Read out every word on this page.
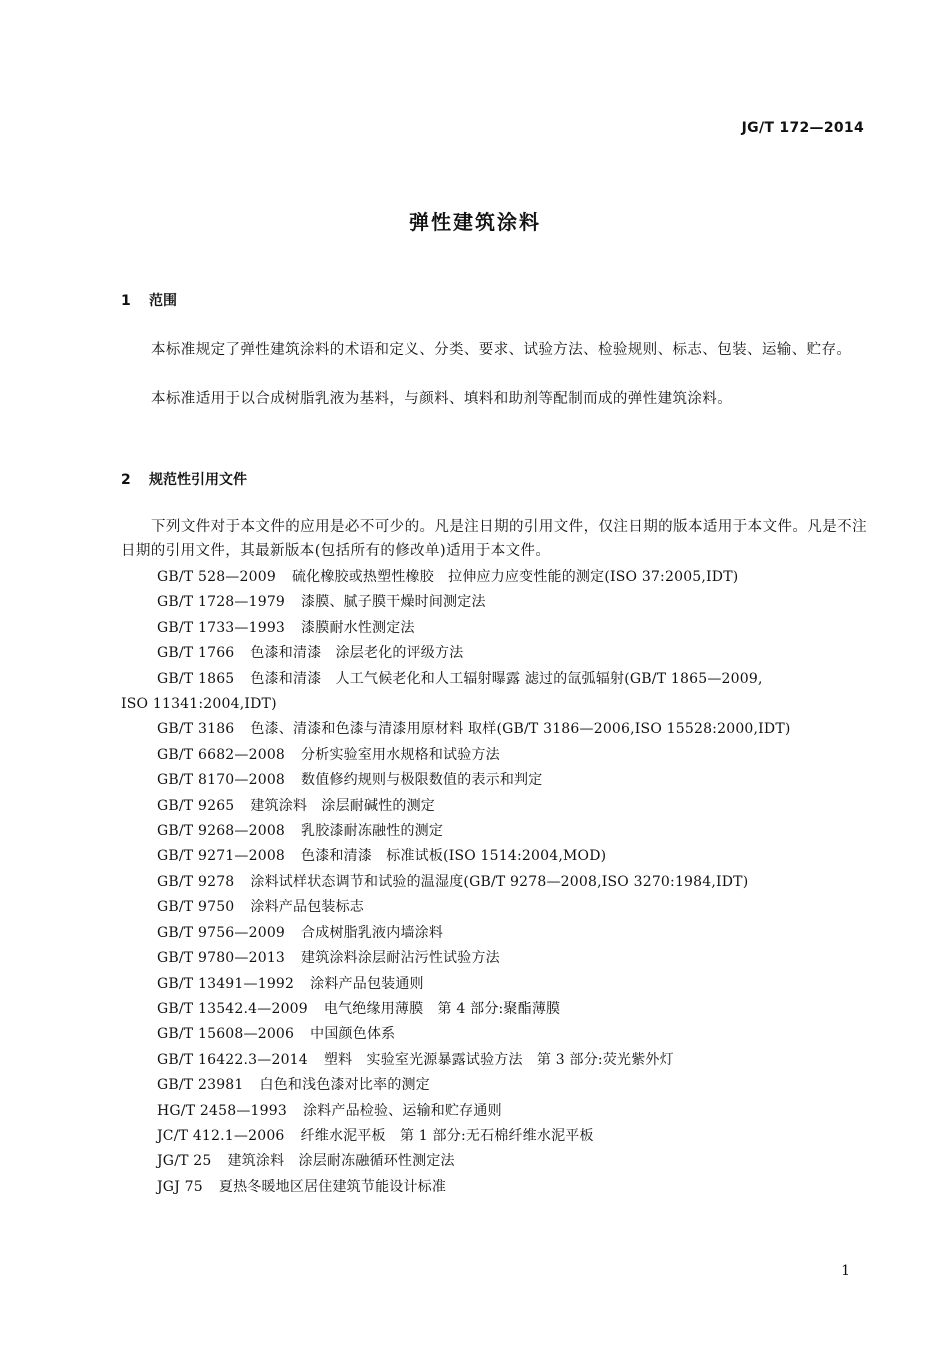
JG/T 172—2014
弹性建筑涂料
1 范围
本标准规定了弹性建筑涂料的术语和定义、分类、要求、试验方法、检验规则、标志、包装、运输、贮存。
本标准适用于以合成树脂乳液为基料，与颜料、填料和助剂等配制而成的弹性建筑涂料。
2 规范性引用文件
下列文件对于本文件的应用是必不可少的。凡是注日期的引用文件，仅注日期的版本适用于本文件。凡是不注日期的引用文件，其最新版本(包括所有的修改单)适用于本文件。
GB/T 528—2009 硫化橡胶或热塑性橡胶　拉伸应力应变性能的测定(ISO 37:2005,IDT)
GB/T 1728—1979 漆膜、腻子膜干燥时间测定法
GB/T 1733—1993 漆膜耐水性测定法
GB/T 1766 色漆和清漆　涂层老化的评级方法
GB/T 1865 色漆和清漆　人工气候老化和人工辐射曝露 滤过的氙弧辐射(GB/T 1865—2009,
ISO 11341:2004,IDT)
GB/T 3186 色漆、清漆和色漆与清漆用原材料 取样(GB/T 3186—2006,ISO 15528:2000,IDT)
GB/T 6682—2008 分析实验室用水规格和试验方法
GB/T 8170—2008 数值修约规则与极限数值的表示和判定
GB/T 9265 建筑涂料　涂层耐碱性的测定
GB/T 9268—2008 乳胶漆耐冻融性的测定
GB/T 9271—2008 色漆和清漆　标准试板(ISO 1514:2004,MOD)
GB/T 9278 涂料试样状态调节和试验的温湿度(GB/T 9278—2008,ISO 3270:1984,IDT)
GB/T 9750 涂料产品包装标志
GB/T 9756—2009 合成树脂乳液内墙涂料
GB/T 9780—2013 建筑涂料涂层耐沾污性试验方法
GB/T 13491—1992 涂料产品包装通则
GB/T 13542.4—2009 电气绝缘用薄膜　第 4 部分:聚酯薄膜
GB/T 15608—2006 中国颜色体系
GB/T 16422.3—2014 塑料　实验室光源暴露试验方法　第 3 部分:荧光紫外灯
GB/T 23981 白色和浅色漆对比率的测定
HG/T 2458—1993 涂料产品检验、运输和贮存通则
JC/T 412.1—2006 纤维水泥平板　第 1 部分:无石棉纤维水泥平板
JG/T 25 建筑涂料　涂层耐冻融循环性测定法
JGJ 75 夏热冬暖地区居住建筑节能设计标准
1
